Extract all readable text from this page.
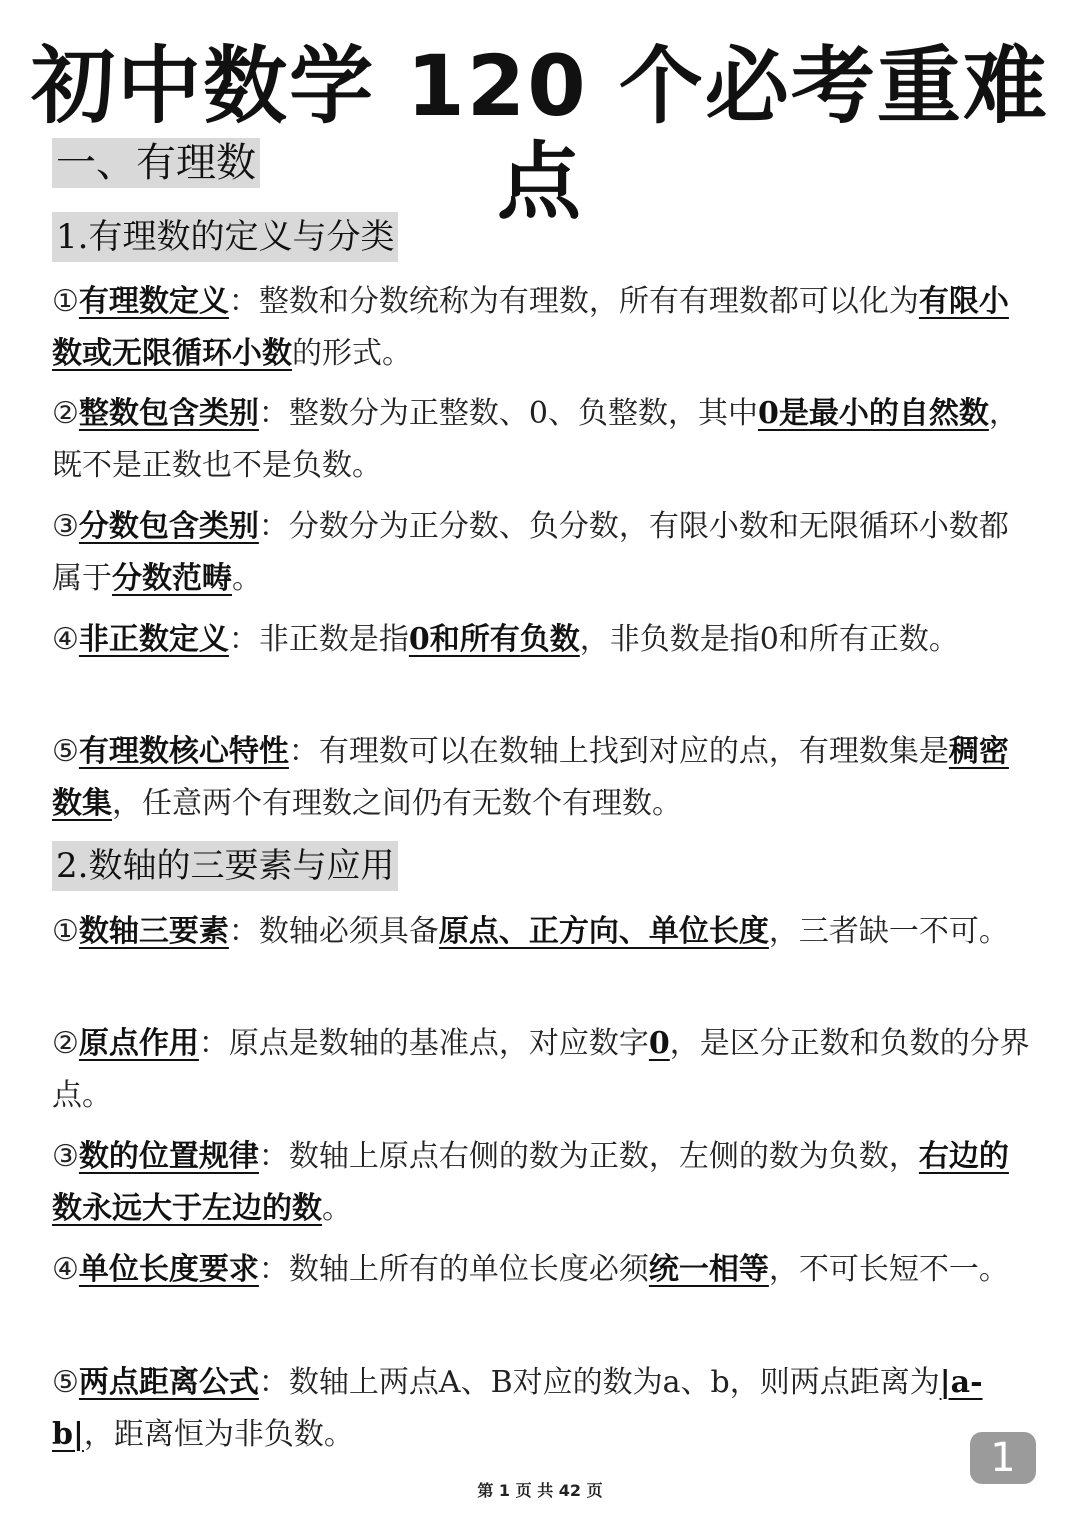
初中数学 120 个必考重难点
一、有理数
1.有理数的定义与分类
①有理数定义：整数和分数统称为有理数，所有有理数都可以化为有限小数或无限循环小数的形式。
②整数包含类别：整数分为正整数、0、负整数，其中0是最小的自然数，既不是正数也不是负数。
③分数包含类别：分数分为正分数、负分数，有限小数和无限循环小数都属于分数范畴。
④非正数定义：非正数是指0和所有负数，非负数是指0和所有正数。
⑤有理数核心特性：有理数可以在数轴上找到对应的点，有理数集是稠密数集，任意两个有理数之间仍有无数个有理数。
2.数轴的三要素与应用
①数轴三要素：数轴必须具备原点、正方向、单位长度，三者缺一不可。
②原点作用：原点是数轴的基准点，对应数字0，是区分正数和负数的分界点。
③数的位置规律：数轴上原点右侧的数为正数，左侧的数为负数，右边的数永远大于左边的数。
④单位长度要求：数轴上所有的单位长度必须统一相等，不可长短不一。
⑤两点距离公式：数轴上两点A、B对应的数为a、b，则两点距离为|a-b|，距离恒为非负数。
1
第 1 页 共 42 页
